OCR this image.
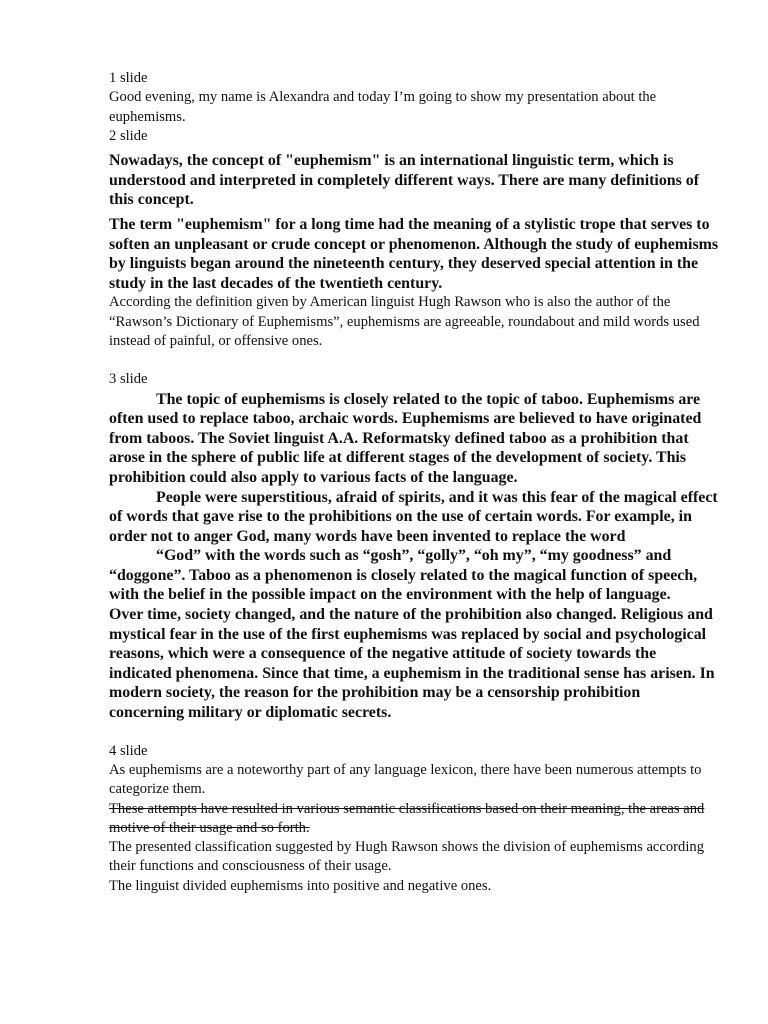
1 slide

Good evening, my name is Alexandra and today I’m going to show my presentation about the euphemisms.

2 slide

Nowadays, the concept of "euphemism" is an international linguistic term, which is understood and interpreted in completely different ways. There are many definitions of this concept.

The term "euphemism" for a long time had the meaning of a stylistic trope that serves to soften an unpleasant or crude concept or phenomenon. Although the study of euphemisms by linguists began around the nineteenth century, they deserved special attention in the study in the last decades of the twentieth century.

According the definition given by American linguist Hugh Rawson who is also the author of the “Rawson’s Dictionary of Euphemisms”, euphemisms are agreeable, roundabout and mild words used instead of painful, or offensive ones.

3 slide

The topic of euphemisms is closely related to the topic of taboo. Euphemisms are often used to replace taboo, archaic words. Euphemisms are believed to have originated from taboos. The Soviet linguist A.A. Reformatsky defined taboo as a prohibition that arose in the sphere of public life at different stages of the development of society. This prohibition could also apply to various facts of the language.

People were superstitious, afraid of spirits, and it was this fear of the magical effect of words that gave rise to the prohibitions on the use of certain words. For example, in order not to anger God, many words have been invented to replace the word

“God” with the words such as “gosh”, “golly”, “oh my”, “my goodness” and “doggone”. Taboo as a phenomenon is closely related to the magical function of speech, with the belief in the possible impact on the environment with the help of language.

Over time, society changed, and the nature of the prohibition also changed. Religious and mystical fear in the use of the first euphemisms was replaced by social and psychological reasons, which were a consequence of the negative attitude of society towards the indicated phenomena. Since that time, a euphemism in the traditional sense has arisen. In modern society, the reason for the prohibition may be a censorship prohibition concerning military or diplomatic secrets.

4 slide

As euphemisms are a noteworthy part of any language lexicon, there have been numerous attempts to categorize them.

These attempts have resulted in various semantic classifications based on their meaning, the areas and motive of their usage and so forth.

The presented classification suggested by Hugh Rawson shows the division of euphemisms according their functions and consciousness of their usage.

The linguist divided euphemisms into positive and negative ones.
